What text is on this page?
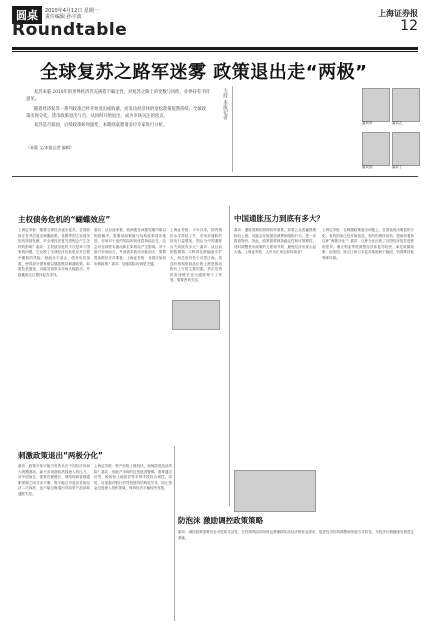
圆桌	2010年4月12日 星期一
责任编辑 孙宇波
Roundtable
上海证券报
12
全球复苏之路军迷雾 政策退出走“两极”

复苏来临 2010年的世界经济仍充满着不确定性，对复苏之路上的变数与风险，业界持有不同意见。

随着经济复苏一系列政策已经开始退出或收紧，而发达经济体的宽松政策依然持续，全球政策出现分化。货币政策退出与否，从何时开始退出，成为市场关注的焦点。

复苏是否稳固，后续政策如何演变，本期圆桌邀请多位专家进行分析。

（本版 文/本报记者 编辑）
主持 本报记者
嘉宾甲	嘉宾乙
嘉宾丙	嘉宾丁
主权债务危机的“蝴蝶效应”	中国通胀压力到底有多大？
刺激政策退出“两极分化”
防泡沫 激励调控政策策略
上海证券报：随着全球经济逐步复苏，各国政府正在考虑退出刺激政策。希腊等国主权债务危机持续发酵，对全球经济复苏进程会产生怎样的影响？嘉宾：主权债务危机不仅是单个国家的问题，它反映了全球经济在危机应对过程中累积的风险。财政赤字高企、债务负担加重，使得部分国家难以继续维持刺激政策。如果危机蔓延，可能导致资本市场大幅波动，并拖累欧元区整体复苏步伐。
嘉宾：从目前来看，欧洲债务问题短期内难以彻底解决，需要财政紧缩与结构改革同步推进。市场对于违约风险的担忧将持续存在，这会对全球资本流动和汇率格局产生影响。对于新兴市场而言，外部需求波动可能加大，需要提前做好应对准备。上海证券报：各国应如何协调政策？嘉宾：加强国际协调是关键。
上海证券报：今年以来，国内物价水平持续上升，市场对通胀的担忧日益增加。您认为中国通胀压力到底有多大？嘉宾：从目前的数据看，CPI同比涨幅逐步扩大，但总体仍处于可控区间。食品价格和资源品价格上涨是推动物价上行的主要因素。货币信贷的高速增长也为通胀埋下了伏笔，需要密切关注。
嘉宾：通胀预期的管理同样重要。如果公众普遍预期物价上涨，可能会导致提前消费和囤积行为，进一步推高物价。因此，政策需要保持稳定性和可预期性，适时调整货币政策的力度和节奏，避免经济出现大起大落。上海证券报：人民币汇率会如何演变？
上海证券报：在刺激政策退出问题上，各国表现出明显的分化，有的国家已经开始加息，有的仍维持宽松。您如何看待这种“两极分化”？嘉宾：这种分化反映了各国经济复苏进度的差异。澳大利亚等资源型经济体复苏较快，率先收紧政策；而美国、欧元区和日本复苏基础尚不稳固，仍需维持低利率环境。
嘉宾：政策分化可能引发资本在不同经济体间大规模流动，新兴市场面临热钱流入的压力。对中国而言，需要在保增长、调结构和管理通胀预期之间寻求平衡，既不能过早退出导致经济二次探底，也不能过晚退出导致资产泡沫和通胀失控。
上海证券报：资产价格上涨较快，如何防范泡沫风险？嘉宾：房地产市场的过热值得警惕，需要通过信贷、税收和土地供应等多种手段综合调控。同时，应加强对银行信贷投放的结构性引导，防止资金过度流入投机领域，保持经济平稳较快发展。
嘉宾：调控政策需要有针对性和灵活性，在控制风险的同时也要兼顾实体经济的资金需求，促进经济结构调整和发展方式转变，为经济长期健康发展奠定基础。
